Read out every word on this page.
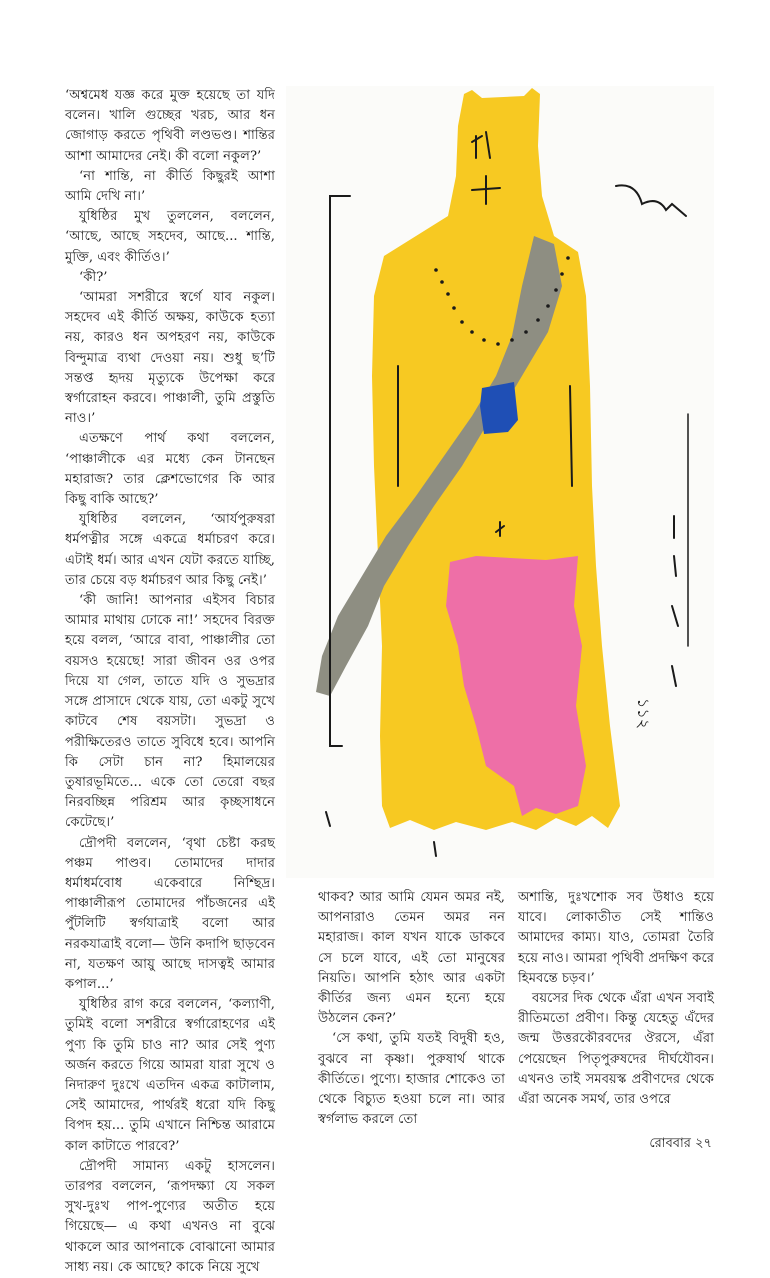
‘অশ্বমেধ যজ্ঞ করে মুক্ত হয়েছে তা যদি বলেন। খালি গুচ্ছের খরচ, আর ধন জোগাড় করতে পৃথিবী লণ্ডভণ্ড। শান্তির আশা আমাদের নেই। কী বলো নকুল?’

‘না শান্তি, না কীর্তি কিছুরই আশা আমি দেখি না।’

যুধিষ্ঠির মুখ তুললেন, বললেন, ‘আছে, আছে সহদেব, আছে... শান্তি, মুক্তি, এবং কীর্তিও।’

‘কী?’

‘আমরা সশরীরে স্বর্গে যাব নকুল। সহদেব এই কীর্তি অক্ষয়, কাউকে হত্যা নয়, কারও ধন অপহরণ নয়, কাউকে বিন্দুমাত্র ব্যথা দেওয়া নয়। শুধু ছ’টি সন্তপ্ত হৃদয় মৃত্যুকে উপেক্ষা করে স্বর্গারোহন করবে। পাঞ্চালী, তুমি প্রস্তুতি নাও।’

এতক্ষণে পার্থ কথা বললেন, ‘পাঞ্চালীকে এর মধ্যে কেন টানছেন মহারাজ? তার ক্লেশভোগের কি আর কিছু বাকি আছে?’

যুধিষ্ঠির বললেন, ‘আর্যপুরুষরা ধর্মপত্নীর সঙ্গে একত্রে ধর্মাচরণ করে। এটাই ধর্ম। আর এখন যেটা করতে যাচ্ছি, তার চেয়ে বড় ধর্মাচরণ আর কিছু নেই।’

‘কী জানি! আপনার এইসব বিচার আমার মাথায় ঢোকে না!’ সহদেব বিরক্ত হয়ে বলল, ‘আরে বাবা, পাঞ্চালীর তো বয়সও হয়েছে! সারা জীবন ওর ওপর দিয়ে যা গেল, তাতে যদি ও সুভদ্রার সঙ্গে প্রাসাদে থেকে যায়, তো একটু সুখে কাটবে শেষ বয়সটা। সুভদ্রা ও পরীক্ষিতেরও তাতে সুবিধে হবে। আপনি কি সেটা চান না? হিমালয়ের তুষারভূমিতে... একে তো তেরো বছর নিরবচ্ছিন্ন পরিশ্রম আর কৃচ্ছসাধনে কেটেছে।’

দ্রৌপদী বললেন, ‘বৃথা চেষ্টা করছ পঞ্চম পাণ্ডব। তোমাদের দাদার ধর্মাধর্মবোধ একেবারে নিশ্ছিদ্র। পাঞ্চালীরূপ তোমাদের পাঁচজনের এই পুঁটলিটি স্বর্গযাত্রাই বলো আর নরকযাত্রাই বলো— উনি কদাপি ছাড়বেন না, যতক্ষণ আয়ু আছে দাসত্বই আমার কপাল...’

যুধিষ্ঠির রাগ করে বললেন, ‘কল্যাণী, তুমিই বলো সশরীরে স্বর্গারোহণের এই পুণ্য কি তুমি চাও না? আর সেই পুণ্য অর্জন করতে গিয়ে আমরা যারা সুখে ও নিদারুণ দুঃখে এতদিন একত্র কাটালাম, সেই আমাদের, পার্থরই ধরো যদি কিছু বিপদ হয়... তুমি এখানে নিশ্চিন্ত আরামে কাল কাটাতে পারবে?’

দ্রৌপদী সামান্য একটু হাসলেন। তারপর বললেন, ‘রূপদক্ষ্যা যে সকল সুখ-দুঃখ পাপ-পুণ্যের অতীত হয়ে গিয়েছে— এ কথা এখনও না বুঝে থাকলে আর আপনাকে বোঝানো আমার সাধ্য নয়। কে আছে? কাকে নিয়ে সুখে

১১২

থাকব? আর আমি যেমন অমর নই, আপনারাও তেমন অমর নন মহারাজ। কাল যখন যাকে ডাকবে সে চলে যাবে, এই তো মানুষের নিয়তি। আপনি হঠাৎ আর একটা কীর্তির জন্য এমন হন্যে হয়ে উঠলেন কেন?’

‘সে কথা, তুমি যতই বিদুষী হও, বুঝবে না কৃষ্ণা। পুরুষার্থ থাকে কীর্তিতে। পুণ্যে। হাজার শোকেও তা থেকে বিচ্যুত হওয়া চলে না। আর স্বর্গলাভ করলে তো

অশান্তি, দুঃখশোক সব উধাও হয়ে যাবে। লোকাতীত সেই শান্তিও আমাদের কাম্য। যাও, তোমরা তৈরি হয়ে নাও। আমরা পৃথিবী প্রদক্ষিণ করে হিমবন্তে চড়ব।’

বয়সের দিক থেকে এঁরা এখন সবাই রীতিমতো প্রবীণ। কিন্তু যেহেতু এঁদের জন্ম উত্তরকৌরবদের ঔরসে, এঁরা পেয়েছেন পিতৃপুরুষদের দীর্ঘযৌবন। এখনও তাই সমবয়স্ক প্রবীণদের থেকে এঁরা অনেক সমর্থ, তার ওপরে

রোববার ২৭
